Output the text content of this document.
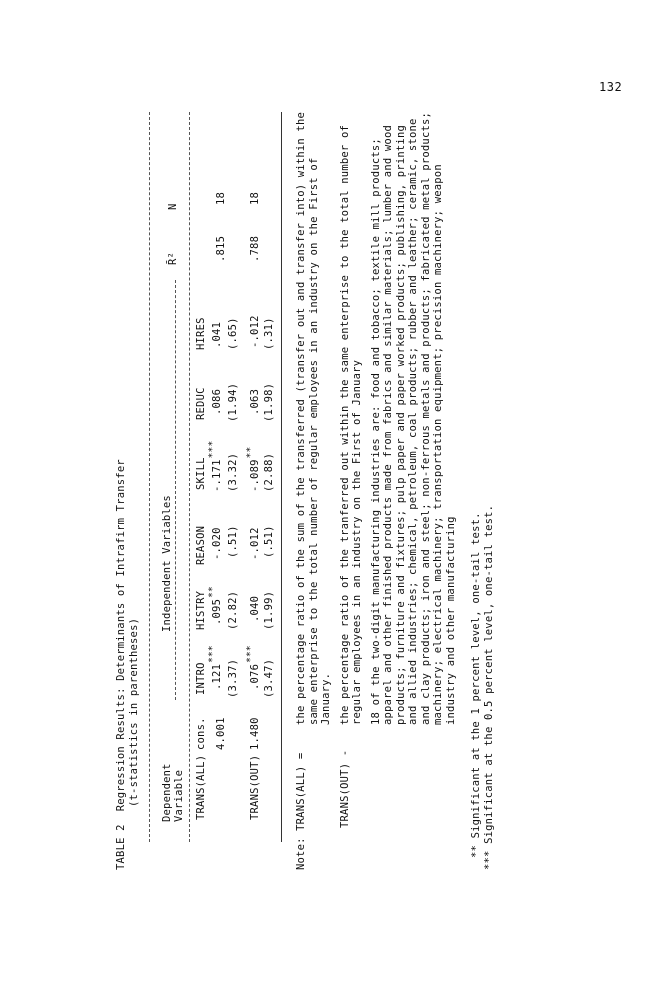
132
TABLE 2  Regression Results: Determinants of Intrafirm Transfer
(t-statistics in parentheses) Dependent Variable
Independent Variables
R̄²
N
TRANS(ALL)
cons.
INTRO
HISTRY
REASON
SKILL
REDUC
HIRES
4.001
.121***
(3.37)
.095** (2.82)
-.020 (.51)
-.171***
(3.32)
.086 (1.94)
.041 (.65)
.815
18
TRANS(OUT)
1.480
.076***
(3.47)
.040 (1.99)
-.012 (.51)
-.089**
(2.88)
.063 (1.98)
-.012 (.31)
.788
18
Note: TRANS(ALL) =
the percentage ratio of the sum of the transferred (transfer out and transfer into) within the same enterprise to the total number of regular employees in an industry on the First of January.
TRANS(OUT) -
the percentage ratio of the tranferred out within the same enterprise to the total number of regular employees in an industry on the First of January 18 of the two-digit manufacturing industries are: food and tobacco; textile mill products; apparel and other finished products made from fabrics and similar materials; lumber and wood products; furniture and fixtures; pulp paper and paper worked products; publishing, printing and allied industries; chemical, petroleum, coal products; rubber and leather; ceramic, stone and clay products; iron and steel; non-ferrous metals and products; fabricated metal products; machinery; electrical machinery; transportation equipment; precision machinery; weapon industry and other manufacturing ** Significant at the 1 percent level, one-tail test. *** Significant at the 0.5 percent level, one-tail test.
